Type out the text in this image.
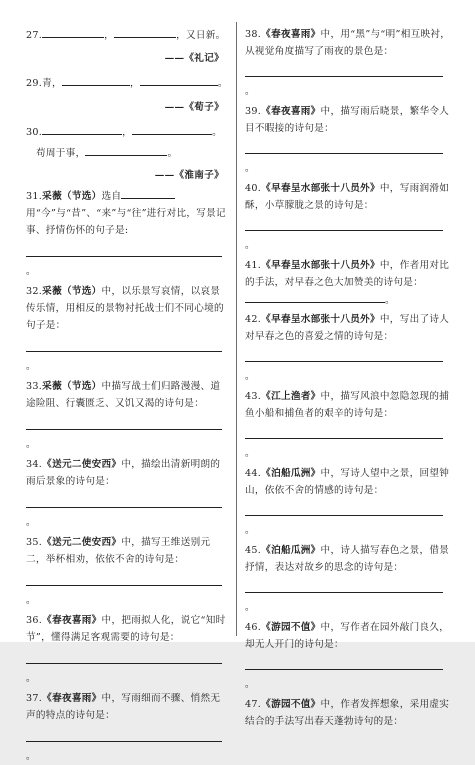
27.	，	，又日新。

——《礼记》

29.青，	，	。

——《荀子》

30.	，	。
苟周于事，	。

——《淮南子》

31.采薇（节选）选自用“今”与“昔”、“来”与“往”进行对比，写景记事、抒情伤怀的句子是:
。
32.采薇（节选）中，以乐景写哀情，以哀景传乐情，用相反的景物衬托战士们不同心境的句子是：
。
33.采薇（节选）中描写战士们归路漫漫、道途险阻、行囊匮乏、又饥又渴的诗句是：
。
34.《送元二使安西》中，描绘出清新明朗的雨后景象的诗句是：
。
35.《送元二使安西》中，描写王维送别元二，举杯相劝，依依不舍的诗句是：
。
36.《春夜喜雨》中，把雨拟人化，说它“知时节”，懂得满足客观需要的诗句是：
。
37.《春夜喜雨》中，写雨细而不骤、悄然无声的特点的诗句是：
。
38.《春夜喜雨》中，用“黑”与“明”相互映衬，从视觉角度描写了雨夜的景色是：
。
39.《春夜喜雨》中，描写雨后晓景，繁华令人目不暇接的诗句是：
。
40.《早春呈水部张十八员外》中，写雨润滑如酥，小草朦胧之景的诗句是：
。
41.《早春呈水部张十八员外》中，作者用对比的手法，对早春之色大加赞美的诗句是：。
42.《早春呈水部张十八员外》中，写出了诗人对早春之色的喜爱之情的诗句是：
。
43.《江上渔者》中，描写风浪中忽隐忽现的捕鱼小船和捕鱼者的艰辛的诗句是：
。
44.《泊船瓜洲》中，写诗人望中之景，回望钟山，依依不舍的情感的诗句是：
。
45.《泊船瓜洲》中，诗人描写春色之景，借景抒情，表达对故乡的思念的诗句是：
。
46.《游园不值》中，写作者在园外敲门良久，却无人开门的诗句是：
。
47.《游园不值》中，作者发挥想象，采用虚实结合的手法写出春天蓬勃诗句的是：
